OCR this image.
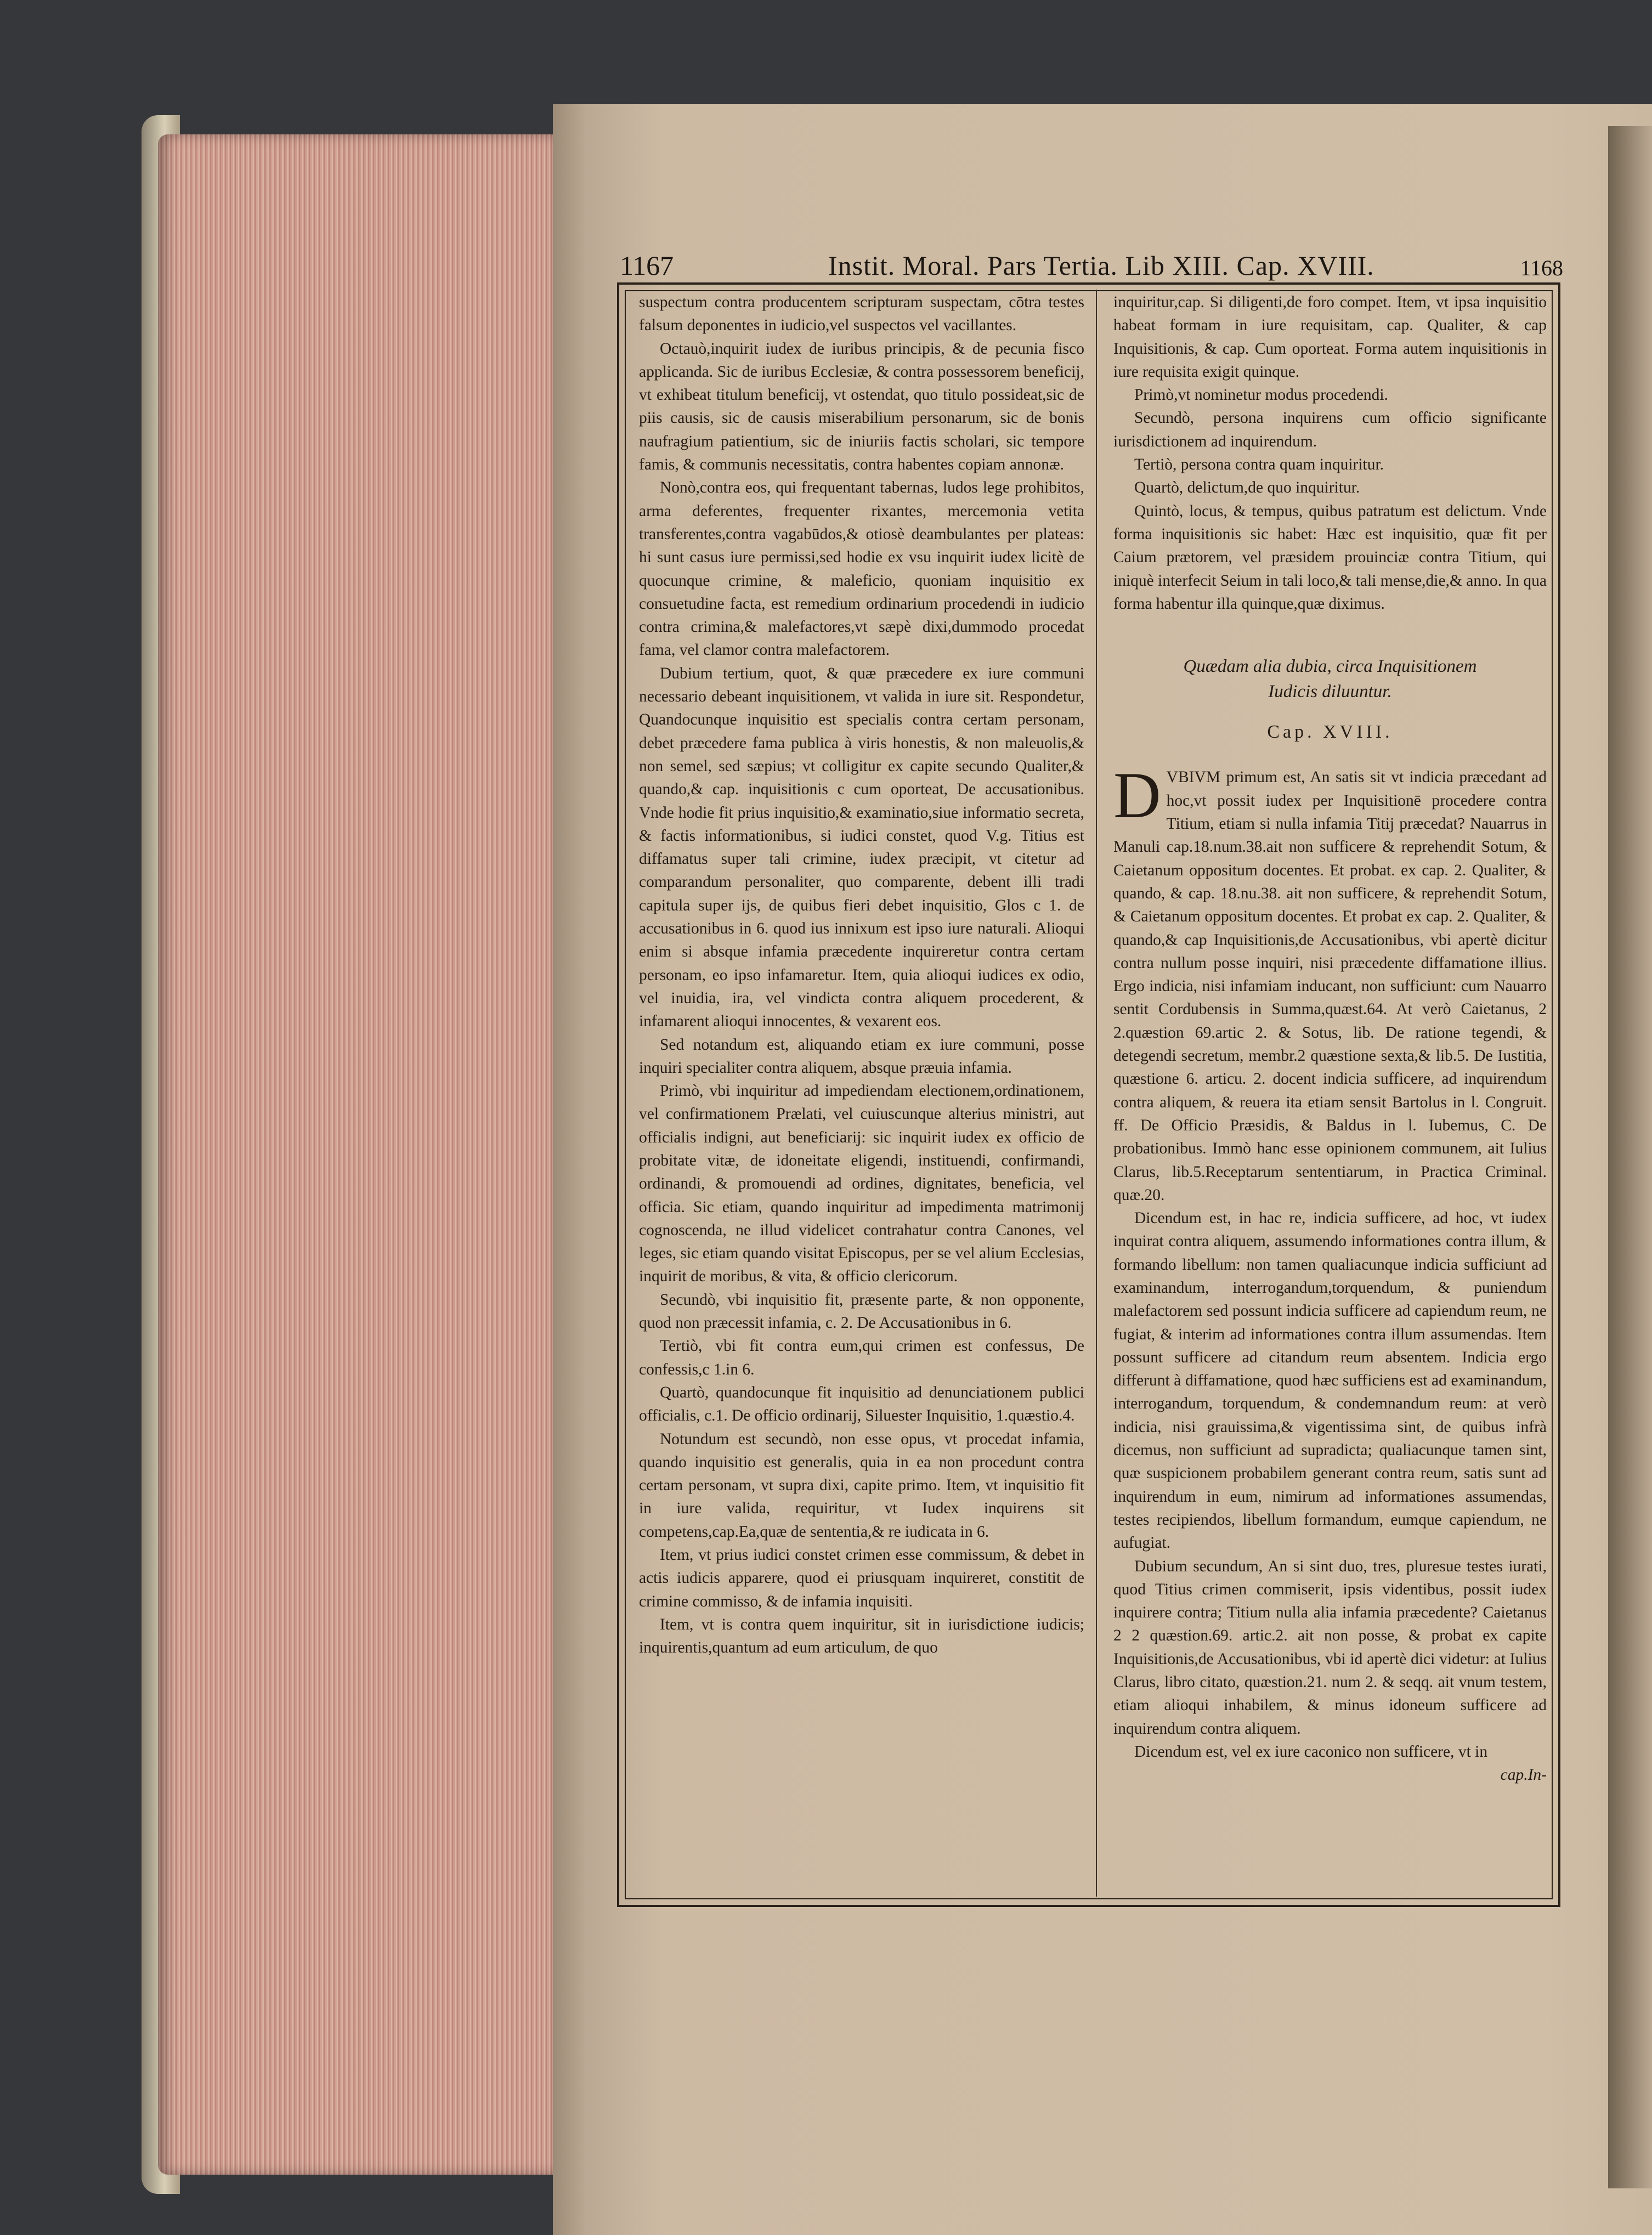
1167	Instit. Moral. Pars Tertia. Lib XIII. Cap. XVIII.	1168

suspectum contra producentem scripturam suspectam, cōtra testes falsum deponentes in iudicio,vel suspectos vel vacillantes.

Octauò,inquirit iudex de iuribus principis, & de pecunia fisco applicanda. Sic de iuribus Ecclesiæ, & contra possessorem beneficij, vt exhibeat titulum beneficij, vt ostendat, quo titulo possideat,sic de piis causis, sic de causis miserabilium personarum, sic de bonis naufragium patientium, sic de iniuriis factis scholari, sic tempore famis, & communis necessitatis, contra habentes copiam annonæ.

Nonò,contra eos, qui frequentant tabernas, ludos lege prohibitos, arma deferentes, frequenter rixantes, mercemonia vetita transferentes,contra vagabūdos,& otiosè deambulantes per plateas: hi sunt casus iure permissi,sed hodie ex vsu inquirit iudex licitè de quocunque crimine, & maleficio, quoniam inquisitio ex consuetudine facta, est remedium ordinarium procedendi in iudicio contra crimina,& malefactores,vt sæpè dixi,dummodo procedat fama, vel clamor contra malefactorem.

Dubium tertium, quot, & quæ præcedere ex iure communi necessario debeant inquisitionem, vt valida in iure sit. Respondetur, Quandocunque inquisitio est specialis contra certam personam, debet præcedere fama publica à viris honestis, & non maleuolis,& non semel, sed sæpius; vt colligitur ex capite secundo Qualiter,& quando,& cap. inquisitionis c cum oporteat, De accusationibus. Vnde hodie fit prius inquisitio,& examinatio,siue informatio secreta, & factis informationibus, si iudici constet, quod V.g. Titius est diffamatus super tali crimine, iudex præcipit, vt citetur ad comparandum personaliter, quo comparente, debent illi tradi capitula super ijs, de quibus fieri debet inquisitio, Glos c 1. de accusationibus in 6. quod ius innixum est ipso iure naturali. Alioqui enim si absque infamia præcedente inquireretur contra certam personam, eo ipso infamaretur. Item, quia alioqui iudices ex odio, vel inuidia, ira, vel vindicta contra aliquem procederent, & infamarent alioqui innocentes, & vexarent eos.

Sed notandum est, aliquando etiam ex iure communi, posse inquiri specialiter contra aliquem, absque præuia infamia.

Primò, vbi inquiritur ad impediendam electionem,ordinationem, vel confirmationem Prælati, vel cuiuscunque alterius ministri, aut officialis indigni, aut beneficiarij: sic inquirit iudex ex officio de probitate vitæ, de idoneitate eligendi, instituendi, confirmandi, ordinandi, & promouendi ad ordines, dignitates, beneficia, vel officia. Sic etiam, quando inquiritur ad impedimenta matrimonij cognoscenda, ne illud videlicet contrahatur contra Canones, vel leges, sic etiam quando visitat Episcopus, per se vel alium Ecclesias, inquirit de moribus, & vita, & officio clericorum.

Secundò, vbi inquisitio fit, præsente parte, & non opponente, quod non præcessit infamia, c. 2. De Accusationibus in 6.

Tertiò, vbi fit contra eum,qui crimen est confessus, De confessis,c 1.in 6.

Quartò, quandocunque fit inquisitio ad denunciationem publici officialis, c.1. De officio ordinarij, Siluester Inquisitio, 1.quæstio.4.

Notundum est secundò, non esse opus, vt procedat infamia, quando inquisitio est generalis, quia in ea non procedunt contra certam personam, vt supra dixi, capite primo. Item, vt inquisitio fit in iure valida, requiritur, vt Iudex inquirens sit competens,cap.Ea,quæ de sententia,& re iudicata in 6.

Item, vt prius iudici constet crimen esse commissum, & debet in actis iudicis apparere, quod ei priusquam inquireret, constitit de crimine commisso, & de infamia inquisiti.

Item, vt is contra quem inquiritur, sit in iurisdictione iudicis; inquirentis,quantum ad eum articulum, de quo

inquiritur,cap. Si diligenti,de foro compet. Item, vt ipsa inquisitio habeat formam in iure requisitam, cap. Qualiter, & cap Inquisitionis, & cap. Cum oportеat. Forma autem inquisitionis in iure requisita exigit quinque.

Primò,vt nominetur modus procedendi.

Secundò, persona inquirens cum officio significante iurisdictionem ad inquirendum.

Tertiò, persona contra quam inquiritur.

Quartò, delictum,de quo inquiritur.

Quintò, locus, & tempus, quibus patratum est delictum. Vnde forma inquisitionis sic habet: Hæc est inquisitio, quæ fit per Caium prætorem, vel præsidem prouinciæ contra Titium, qui iniquè interfecit Seium in tali loco,& tali mense,die,& anno. In qua forma habentur illa quinque,quæ diximus.

Quædam alia dubia, circa Inquisitionem
Iudicis diluuntur.
Cap. XVIII.

DVBIVM primum est, An satis sit vt indicia præcedant ad hoc,vt possit iudex per Inquisitionē procedere contra Titium, etiam si nulla infamia Titij præcedat? Nauarrus in Manuli cap.18.num.38.ait non sufficere & reprehendit Sotum, & Caietanum oppositum docentes. Et probat. ex cap. 2. Qualiter, & quando, & cap. 18.nu.38. ait non sufficere, & reprehendit Sotum, & Caietanum oppositum docentes. Et probat ex cap. 2. Qualiter, & quando,& cap Inquisitionis,de Accusationibus, vbi apertè dicitur contra nullum posse inquiri, nisi præcedente diffamatione illius. Ergo indicia, nisi infamiam inducant, non sufficiunt: cum Nauarro sentit Cordubensis in Summa,quæst.64. At verò Caietanus, 2 2.quæstion 69.artic 2. & Sotus, lib. De ratione tegendi, & detegendi secretum, membr.2 quæstione sexta,& lib.5. De Iustitia, quæstione 6. articu. 2. docent indicia sufficere, ad inquirendum contra aliquem, & reuera ita etiam sensit Bartolus in l. Congruit. ff. De Officio Præsidis, & Baldus in l. Iubemus, C. De probationibus. Immò hanc esse opinionem communem, ait Iulius Clarus, lib.5.Receptarum sententiarum, in Practica Criminal. quæ.20.

Dicendum est, in hac re, indicia sufficere, ad hoc, vt iudex inquirat contra aliquem, assumendo informationes contra illum, & formando libellum: non tamen qualiacunque indicia sufficiunt ad examinandum, interrogandum,torquendum, & puniendum malefactorem sed possunt indicia sufficere ad capiendum reum, ne fugiat, & interim ad informationes contra illum assumendas. Item possunt sufficere ad citandum reum absentem. Indicia ergo differunt à diffamatione, quod hæc sufficiens est ad examinandum, interrogandum, torquendum, & condemnandum reum: at verò indicia, nisi grauissima,& vigentissima sint, de quibus infrà dicemus, non sufficiunt ad supradicta; qualiacunque tamen sint, quæ suspicionem probabilem generant contra reum, satis sunt ad inquirendum in eum, nimirum ad informationes assumendas, testes recipiendos, libellum formandum, eumque capiendum, ne aufugiat.

Dubium secundum, An si sint duo, tres, pluresue testes iurati, quod Titius crimen commiserit, ipsis videntibus, possit iudex inquirere contra; Titium nulla alia infamia præcedente? Caietanus 2 2 quæstion.69. artic.2. ait non posse, & probat ex capite Inquisitionis,de Accusationibus, vbi id apertè dici videtur: at Iulius Clarus, libro citato, quæstion.21. num 2. & seqq. ait vnum testem, etiam alioqui inhabilem, & minus idoneum sufficere ad inquirendum contra aliquem.

Dicendum est, vel ex iure caconico non sufficere, vt in

cap.In-
